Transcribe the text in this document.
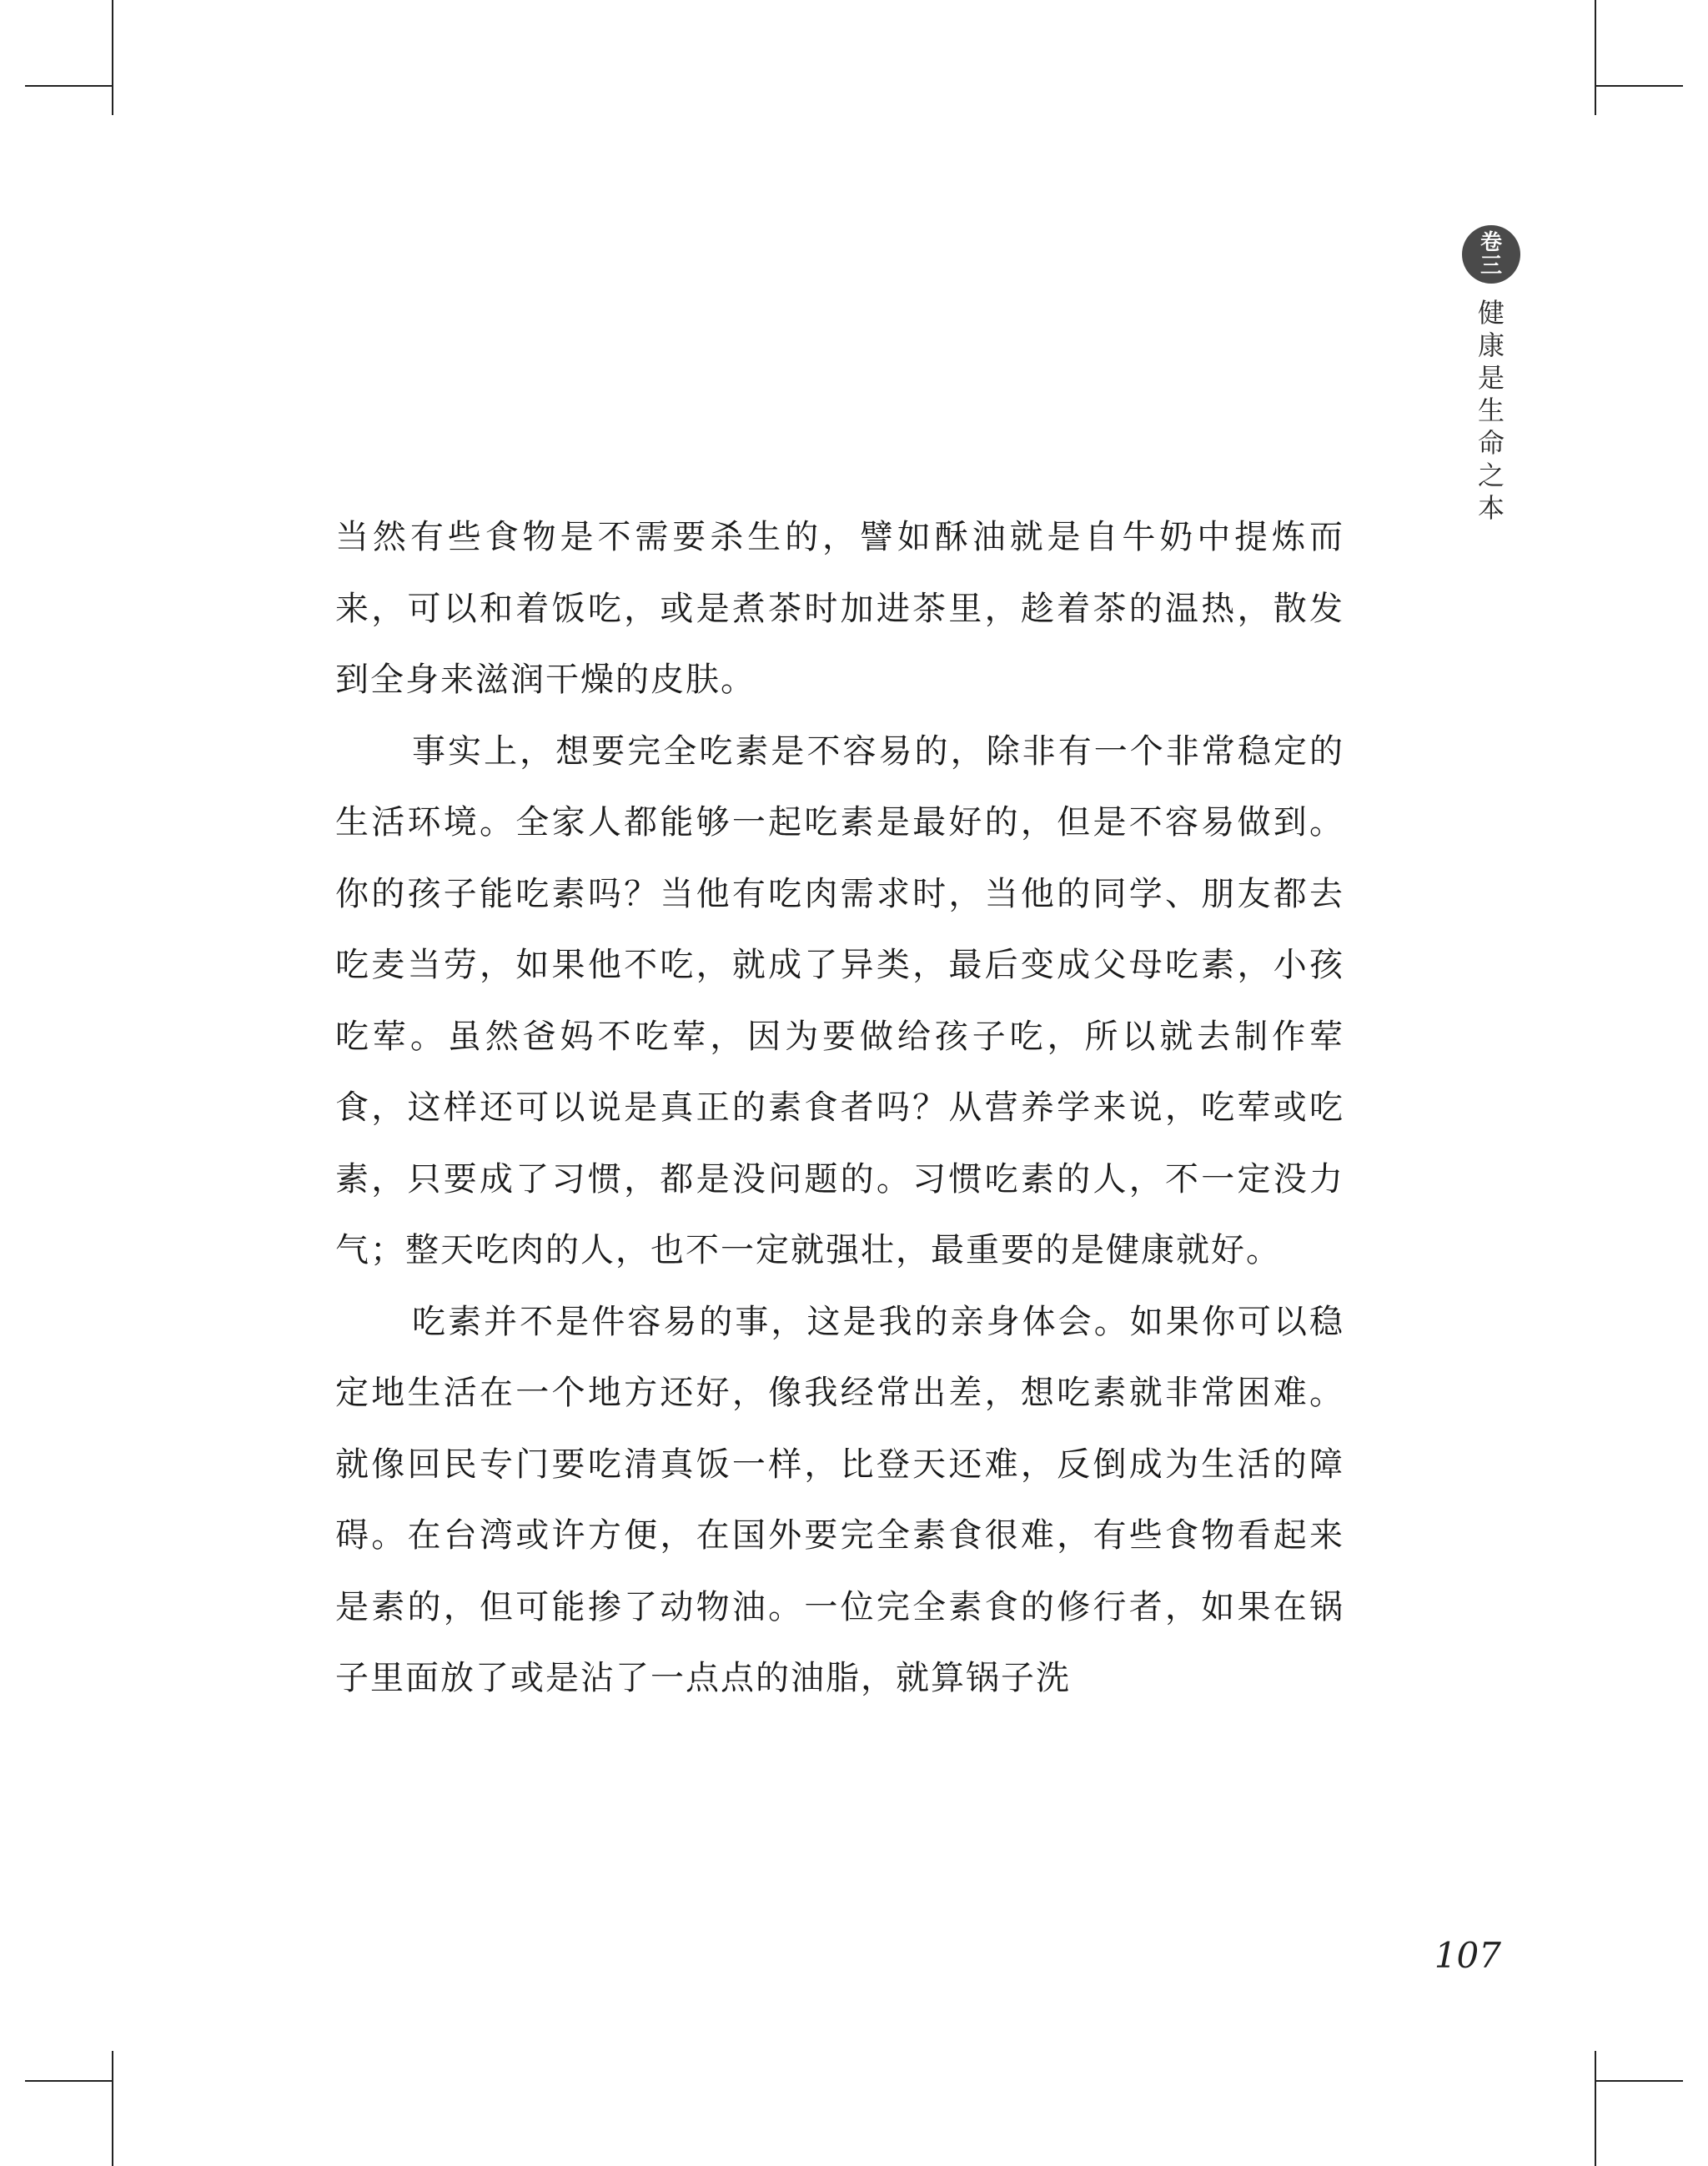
卷
三
健
康
是
生
命
之
本

当然有些食物是不需要杀生的，譬如酥油就是自牛奶中提炼而来，可以和着饭吃，或是煮茶时加进茶里，趁着茶的温热，散发到全身来滋润干燥的皮肤。

事实上，想要完全吃素是不容易的，除非有一个非常稳定的生活环境。全家人都能够一起吃素是最好的，但是不容易做到。你的孩子能吃素吗？当他有吃肉需求时，当他的同学、朋友都去吃麦当劳，如果他不吃，就成了异类，最后变成父母吃素，小孩吃荤。虽然爸妈不吃荤，因为要做给孩子吃，所以就去制作荤食，这样还可以说是真正的素食者吗？从营养学来说，吃荤或吃素，只要成了习惯，都是没问题的。习惯吃素的人，不一定没力气；整天吃肉的人，也不一定就强壮，最重要的是健康就好。

吃素并不是件容易的事，这是我的亲身体会。如果你可以稳定地生活在一个地方还好，像我经常出差，想吃素就非常困难。就像回民专门要吃清真饭一样，比登天还难，反倒成为生活的障碍。在台湾或许方便，在国外要完全素食很难，有些食物看起来是素的，但可能掺了动物油。一位完全素食的修行者，如果在锅子里面放了或是沾了一点点的油脂，就算锅子洗

107
